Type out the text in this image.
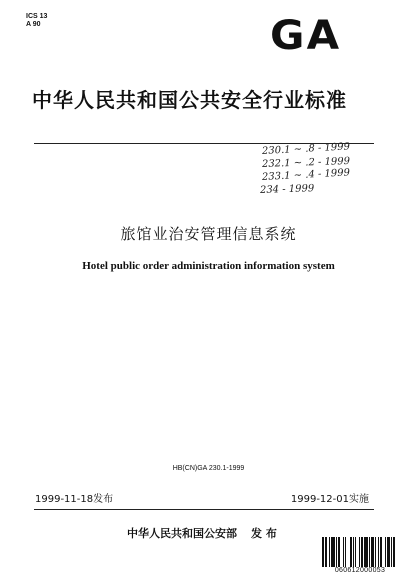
ICS 13
A 90	GA
中华人民共和国公共安全行业标准
230.1 ~ .8 - 1999
232.1 ~ .2 - 1999
233.1 ~ .4 - 1999
234 - 1999
旅馆业治安管理信息系统
Hotel public order administration information system
HB(CN)GA 230.1-1999
1999-11-18发布	1999-12-01实施
中华人民共和国公安部 发 布
060612000053
